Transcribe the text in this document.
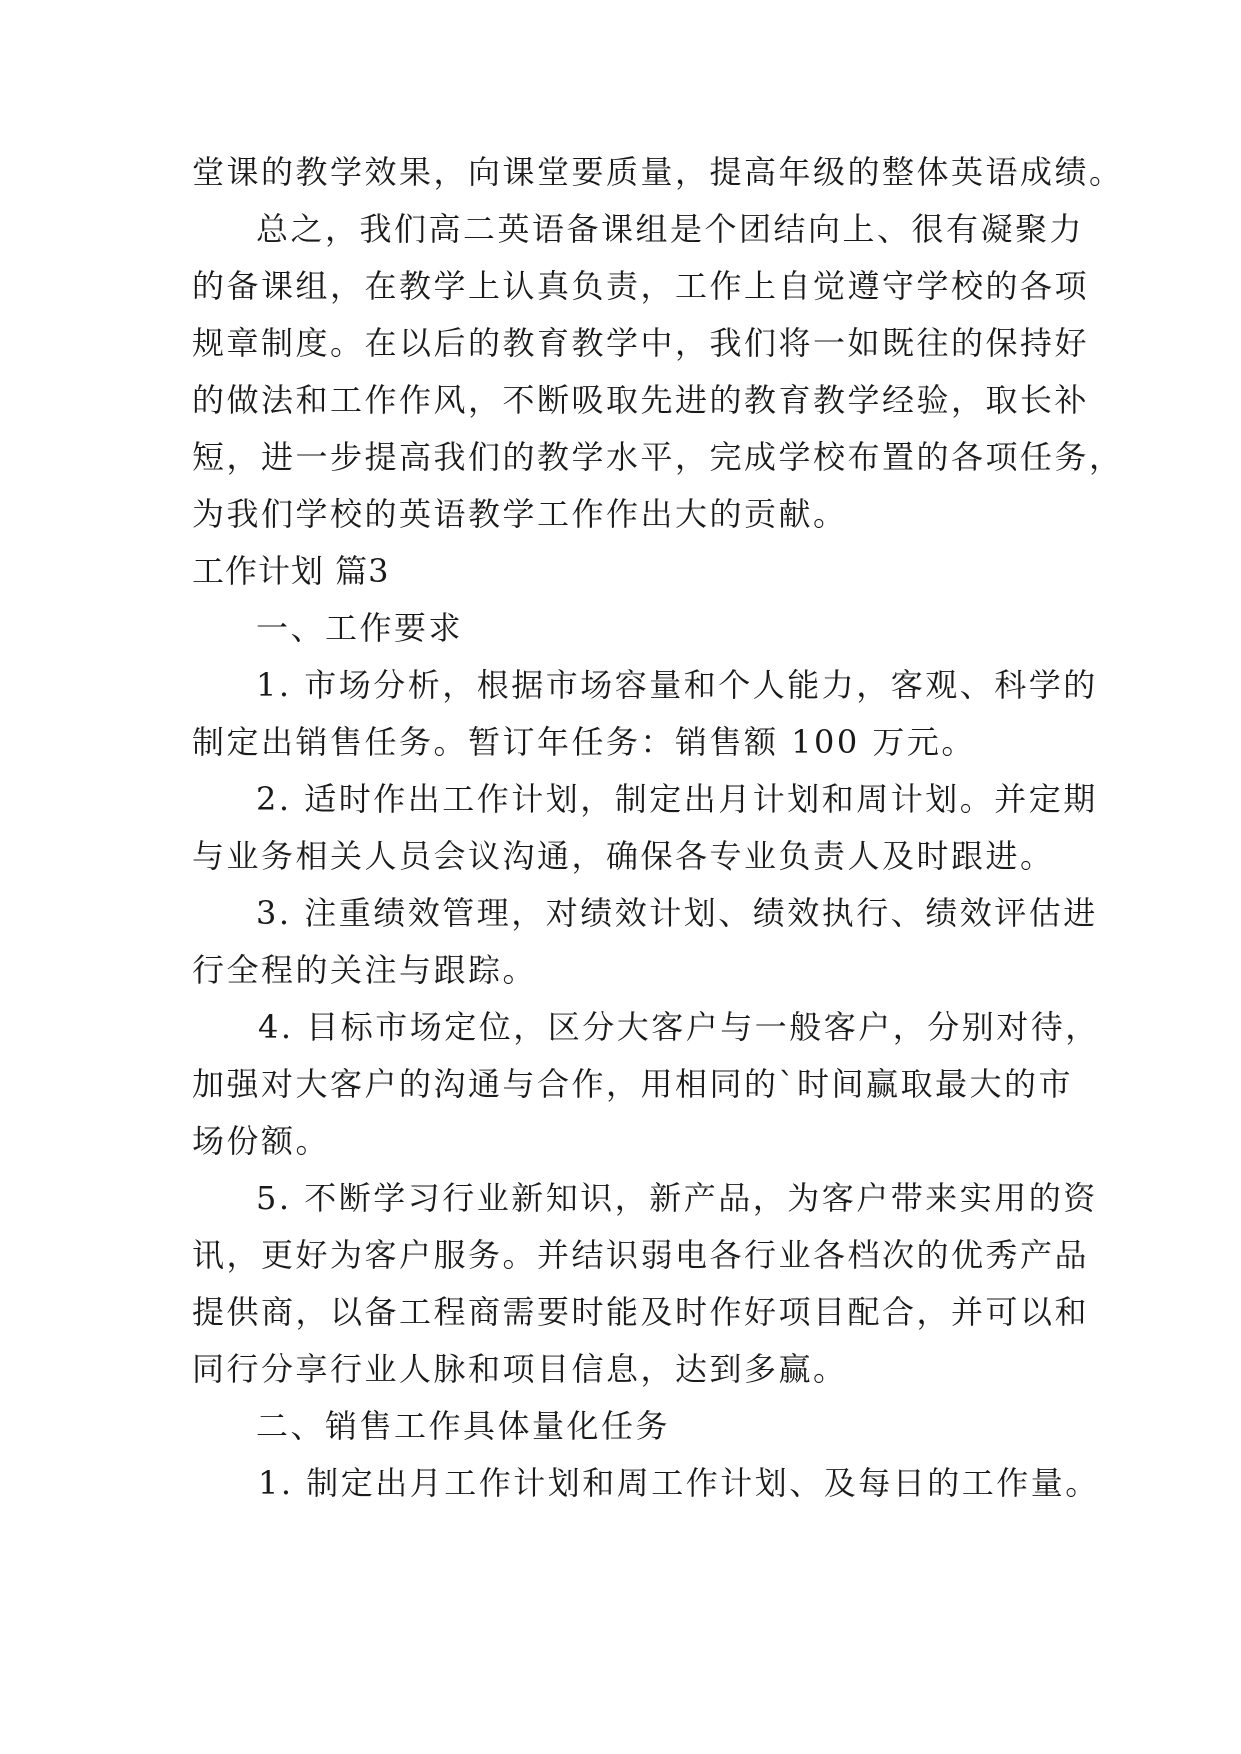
堂课的教学效果，向课堂要质量，提高年级的整体英语成绩。
总之，我们高二英语备课组是个团结向上、很有凝聚力
的备课组，在教学上认真负责，工作上自觉遵守学校的各项
规章制度。在以后的教育教学中，我们将一如既往的保持好
的做法和工作作风，不断吸取先进的教育教学经验，取长补
短，进一步提高我们的教学水平，完成学校布置的各项任务，
为我们学校的英语教学工作作出大的贡献。
工作计划 篇3
一、工作要求
1. 市场分析，根据市场容量和个人能力，客观、科学的
制定出销售任务。暂订年任务：销售额 100 万元。
2. 适时作出工作计划，制定出月计划和周计划。并定期
与业务相关人员会议沟通，确保各专业负责人及时跟进。
3. 注重绩效管理，对绩效计划、绩效执行、绩效评估进
行全程的关注与跟踪。
4. 目标市场定位，区分大客户与一般客户，分别对待，
加强对大客户的沟通与合作，用相同的`时间赢取最大的市
场份额。
5. 不断学习行业新知识，新产品，为客户带来实用的资
讯，更好为客户服务。并结识弱电各行业各档次的优秀产品
提供商，以备工程商需要时能及时作好项目配合，并可以和
同行分享行业人脉和项目信息，达到多赢。
二、销售工作具体量化任务
1. 制定出月工作计划和周工作计划、及每日的工作量。
